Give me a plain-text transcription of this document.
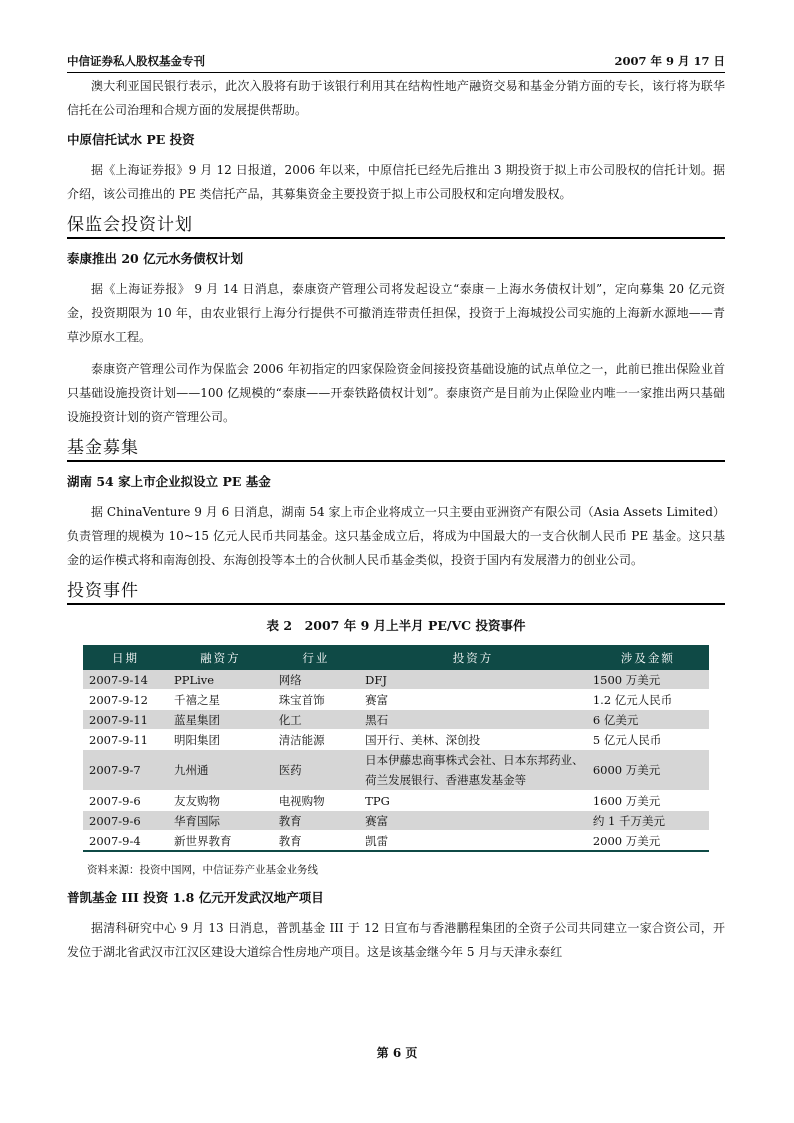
中信证券私人股权基金专刊	2007 年 9 月 17 日

澳大利亚国民银行表示，此次入股将有助于该银行利用其在结构性地产融资交易和基金分销方面的专长，该行将为联华信托在公司治理和合规方面的发展提供帮助。

中原信托试水 PE 投资

据《上海证券报》9 月 12 日报道，2006 年以来，中原信托已经先后推出 3 期投资于拟上市公司股权的信托计划。据介绍，该公司推出的 PE 类信托产品，其募集资金主要投资于拟上市公司股权和定向增发股权。

保监会投资计划
泰康推出 20 亿元水务债权计划

据《上海证券报》 9 月 14 日消息，泰康资产管理公司将发起设立“泰康－上海水务债权计划”，定向募集 20 亿元资金，投资期限为 10 年，由农业银行上海分行提供不可撤消连带责任担保，投资于上海城投公司实施的上海新水源地——青草沙原水工程。

泰康资产管理公司作为保监会 2006 年初指定的四家保险资金间接投资基础设施的试点单位之一，此前已推出保险业首只基础设施投资计划——100 亿规模的“泰康——开泰铁路债权计划”。泰康资产是目前为止保险业内唯一一家推出两只基础设施投资计划的资产管理公司。

基金募集
湖南 54 家上市企业拟设立 PE 基金

据 ChinaVenture 9 月 6 日消息，湖南 54 家上市企业将成立一只主要由亚洲资产有限公司（Asia Assets Limited）负责管理的规模为 10~15 亿元人民币共同基金。这只基金成立后，将成为中国最大的一支合伙制人民币 PE 基金。这只基金的运作模式将和南海创投、东海创投等本土的合伙制人民币基金类似，投资于国内有发展潜力的创业公司。

投资事件
表 2　2007 年 9 月上半月 PE/VC 投资事件
日期	融资方	行业	投资方	涉及金额
2007-9-14	PPLive	网络	DFJ	1500 万美元
2007-9-12	千禧之星	珠宝首饰	赛富	1.2 亿元人民币
2007-9-11	蓝星集团	化工	黑石	6 亿美元
2007-9-11	明阳集团	清洁能源	国开行、美林、深创投	5 亿元人民币
2007-9-7	九州通	医药	日本伊藤忠商事株式会社、日本东邦药业、荷兰发展银行、香港惠发基金等	6000 万美元
2007-9-6	友友购物	电视购物	TPG	1600 万美元
2007-9-6	华育国际	教育	赛富	约 1 千万美元
2007-9-4	新世界教育	教育	凯雷	2000 万美元
资料来源：投资中国网，中信证券产业基金业务线
普凯基金 III 投资 1.8 亿元开发武汉地产项目

据清科研究中心 9 月 13 日消息，普凯基金 III 于 12 日宣布与香港鹏程集团的全资子公司共同建立一家合资公司，开发位于湖北省武汉市江汉区建设大道综合性房地产项目。这是该基金继今年 5 月与天津永泰红

第 6 页
